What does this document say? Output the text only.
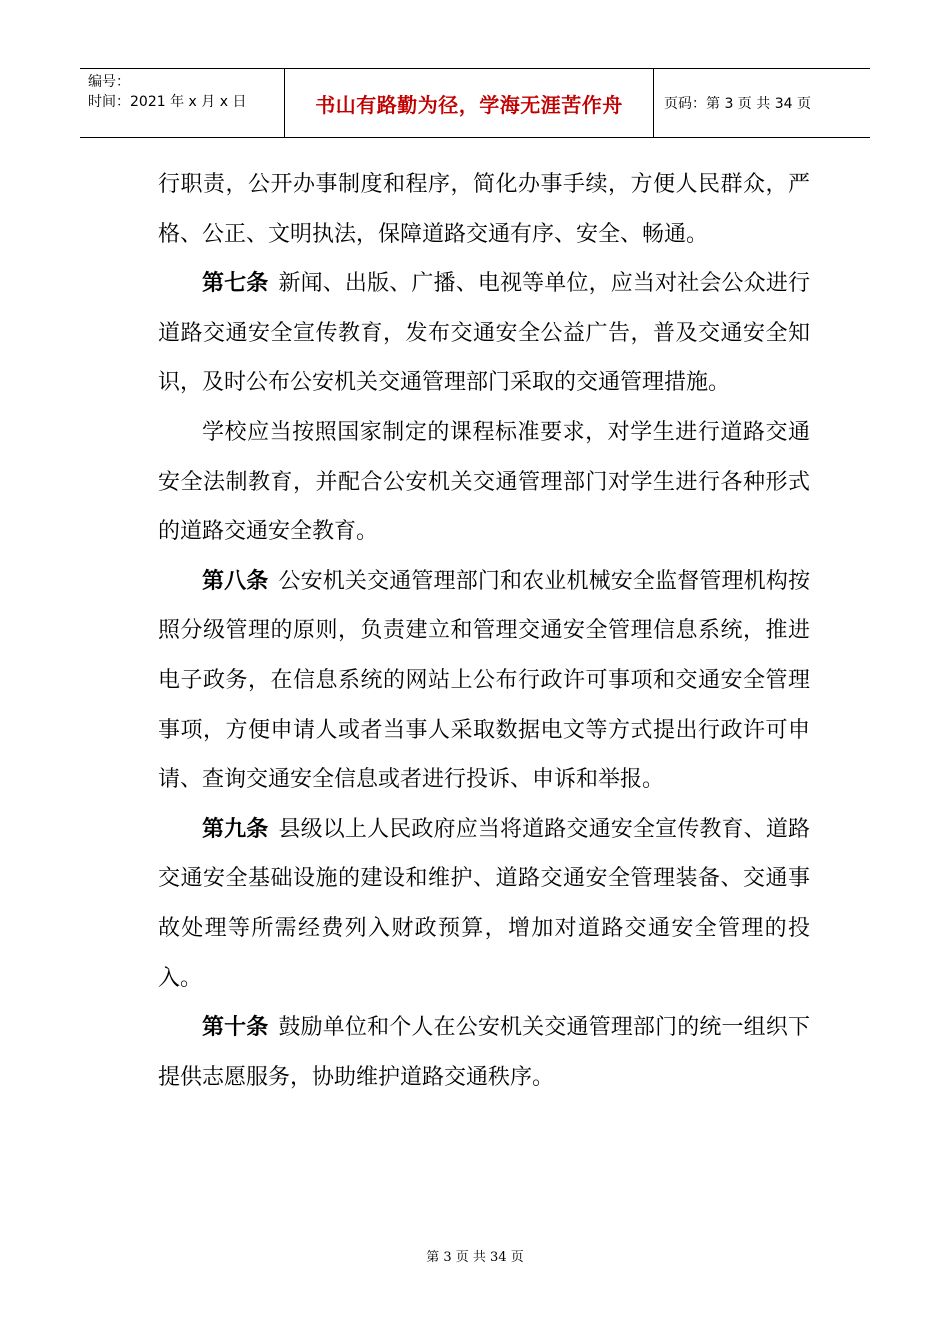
编号：
时间：2021 年 x 月 x 日	书山有路勤为径，学海无涯苦作舟	页码：第 3 页 共 34 页

行职责，公开办事制度和程序，简化办事手续，方便人民群众，严格、公正、文明执法，保障道路交通有序、安全、畅通。

第七条 新闻、出版、广播、电视等单位，应当对社会公众进行道路交通安全宣传教育，发布交通安全公益广告，普及交通安全知识，及时公布公安机关交通管理部门采取的交通管理措施。

学校应当按照国家制定的课程标准要求，对学生进行道路交通安全法制教育，并配合公安机关交通管理部门对学生进行各种形式的道路交通安全教育。

第八条 公安机关交通管理部门和农业机械安全监督管理机构按照分级管理的原则，负责建立和管理交通安全管理信息系统，推进电子政务，在信息系统的网站上公布行政许可事项和交通安全管理事项，方便申请人或者当事人采取数据电文等方式提出行政许可申请、查询交通安全信息或者进行投诉、申诉和举报。

第九条 县级以上人民政府应当将道路交通安全宣传教育、道路交通安全基础设施的建设和维护、道路交通安全管理装备、交通事故处理等所需经费列入财政预算，增加对道路交通安全管理的投入。

第十条 鼓励单位和个人在公安机关交通管理部门的统一组织下提供志愿服务，协助维护道路交通秩序。

第 3 页 共 34 页
